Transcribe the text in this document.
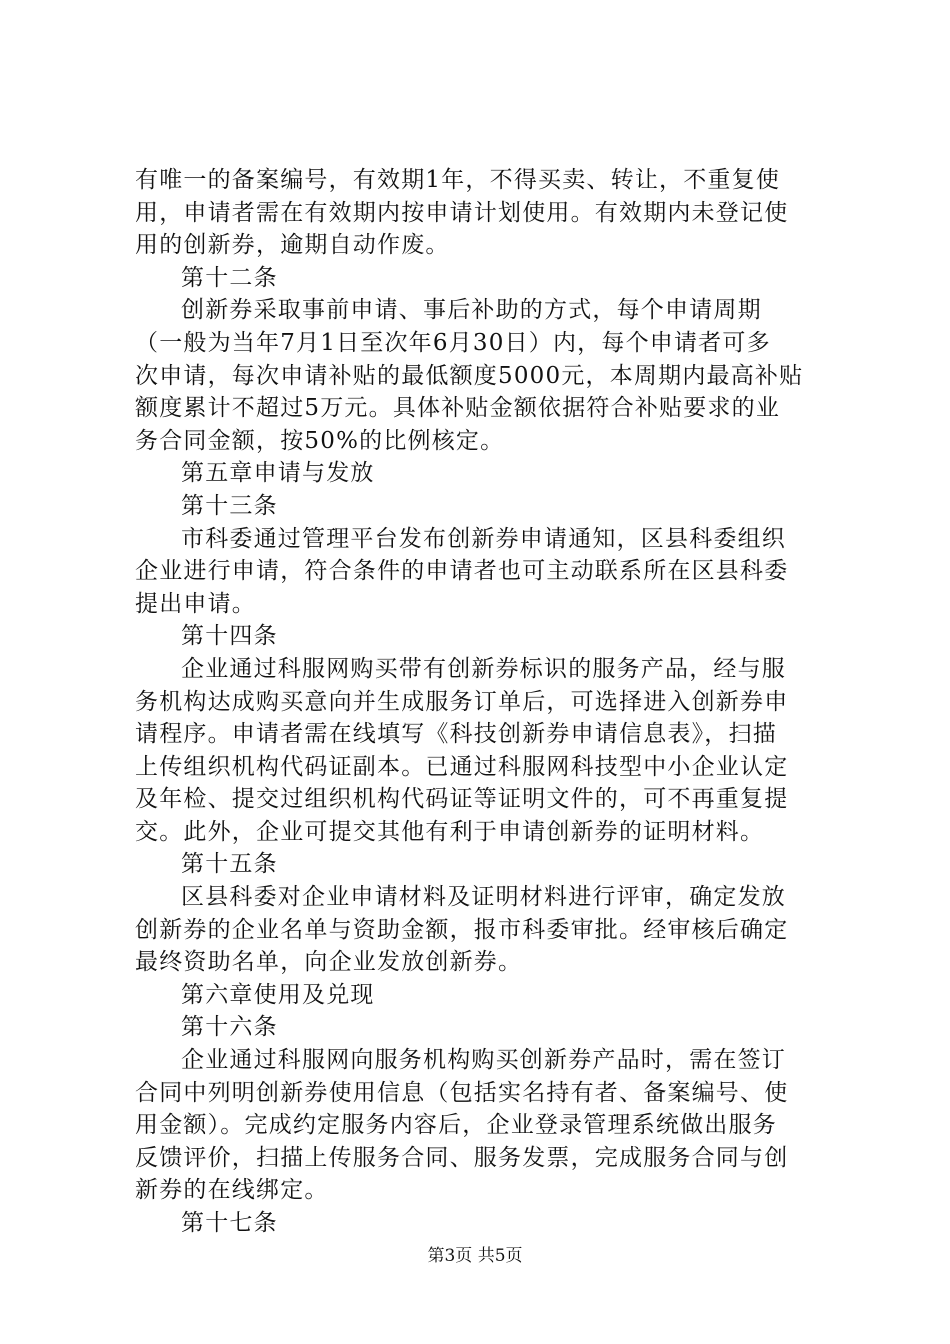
有唯一的备案编号，有效期1年，不得买卖、转让，不重复使
用，申请者需在有效期内按申请计划使用。有效期内未登记使
用的创新券，逾期自动作废。
第十二条
创新券采取事前申请、事后补助的方式，每个申请周期
（一般为当年7月1日至次年6月30日）内，每个申请者可多
次申请，每次申请补贴的最低额度5000元，本周期内最高补贴
额度累计不超过5万元。具体补贴金额依据符合补贴要求的业
务合同金额，按50%的比例核定。
第五章申请与发放
第十三条
市科委通过管理平台发布创新券申请通知，区县科委组织
企业进行申请，符合条件的申请者也可主动联系所在区县科委
提出申请。
第十四条
企业通过科服网购买带有创新券标识的服务产品，经与服
务机构达成购买意向并生成服务订单后，可选择进入创新券申
请程序。申请者需在线填写《科技创新券申请信息表》，扫描
上传组织机构代码证副本。已通过科服网科技型中小企业认定
及年检、提交过组织机构代码证等证明文件的，可不再重复提
交。此外，企业可提交其他有利于申请创新券的证明材料。
第十五条
区县科委对企业申请材料及证明材料进行评审，确定发放
创新券的企业名单与资助金额，报市科委审批。经审核后确定
最终资助名单，向企业发放创新券。
第六章使用及兑现
第十六条
企业通过科服网向服务机构购买创新券产品时，需在签订
合同中列明创新券使用信息（包括实名持有者、备案编号、使
用金额）。完成约定服务内容后，企业登录管理系统做出服务
反馈评价，扫描上传服务合同、服务发票，完成服务合同与创
新券的在线绑定。
第十七条
第3页 共5页
